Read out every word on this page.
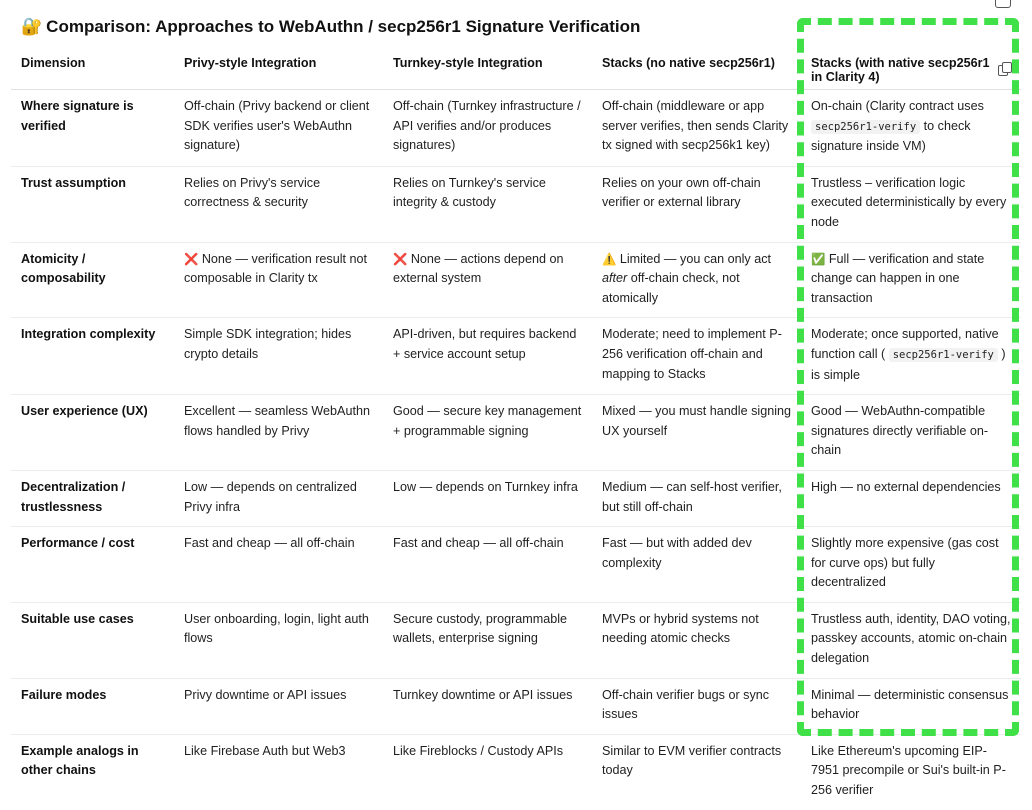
🔐 Comparison: Approaches to WebAuthn / secp256r1 Signature Verification
Dimension	Privy-style Integration	Turnkey-style Integration	Stacks (no native secp256r1)	Stacks (with native secp256r1 in Clarity 4)

Where signature is verified	Off-chain (Privy backend or client SDK verifies user's WebAuthn signature)	Off-chain (Turnkey infrastructure / API verifies and/or produces signatures)	Off-chain (middleware or app server verifies, then sends Clarity tx signed with secp256k1 key)	On-chain (Clarity contract uses secp256r1-verify to check signature inside VM)
Trust assumption	Relies on Privy's service correctness & security	Relies on Turnkey's service integrity & custody	Relies on your own off-chain verifier or external library	Trustless – verification logic executed deterministically by every node
Atomicity / composability	❌ None — verification result not composable in Clarity tx	❌ None — actions depend on external system	⚠️ Limited — you can only act after off-chain check, not atomically	✅ Full — verification and state change can happen in one transaction
Integration complexity	Simple SDK integration; hides crypto details	API-driven, but requires backend + service account setup	Moderate; need to implement P-256 verification off-chain and mapping to Stacks	Moderate; once supported, native function call ( secp256r1-verify ) is simple
User experience (UX)	Excellent — seamless WebAuthn flows handled by Privy	Good — secure key management + programmable signing	Mixed — you must handle signing UX yourself	Good — WebAuthn-compatible signatures directly verifiable on-chain
Decentralization / trustlessness	Low — depends on centralized Privy infra	Low — depends on Turnkey infra	Medium — can self-host verifier, but still off-chain	High — no external dependencies
Performance / cost	Fast and cheap — all off-chain	Fast and cheap — all off-chain	Fast — but with added dev complexity	Slightly more expensive (gas cost for curve ops) but fully decentralized
Suitable use cases	User onboarding, login, light auth flows	Secure custody, programmable wallets, enterprise signing	MVPs or hybrid systems not needing atomic checks	Trustless auth, identity, DAO voting, passkey accounts, atomic on-chain delegation
Failure modes	Privy downtime or API issues	Turnkey downtime or API issues	Off-chain verifier bugs or sync issues	Minimal — deterministic consensus behavior
Example analogs in other chains	Like Firebase Auth but Web3	Like Fireblocks / Custody APIs	Similar to EVM verifier contracts today	Like Ethereum's upcoming EIP-7951 precompile or Sui's built-in P-256 verifier
